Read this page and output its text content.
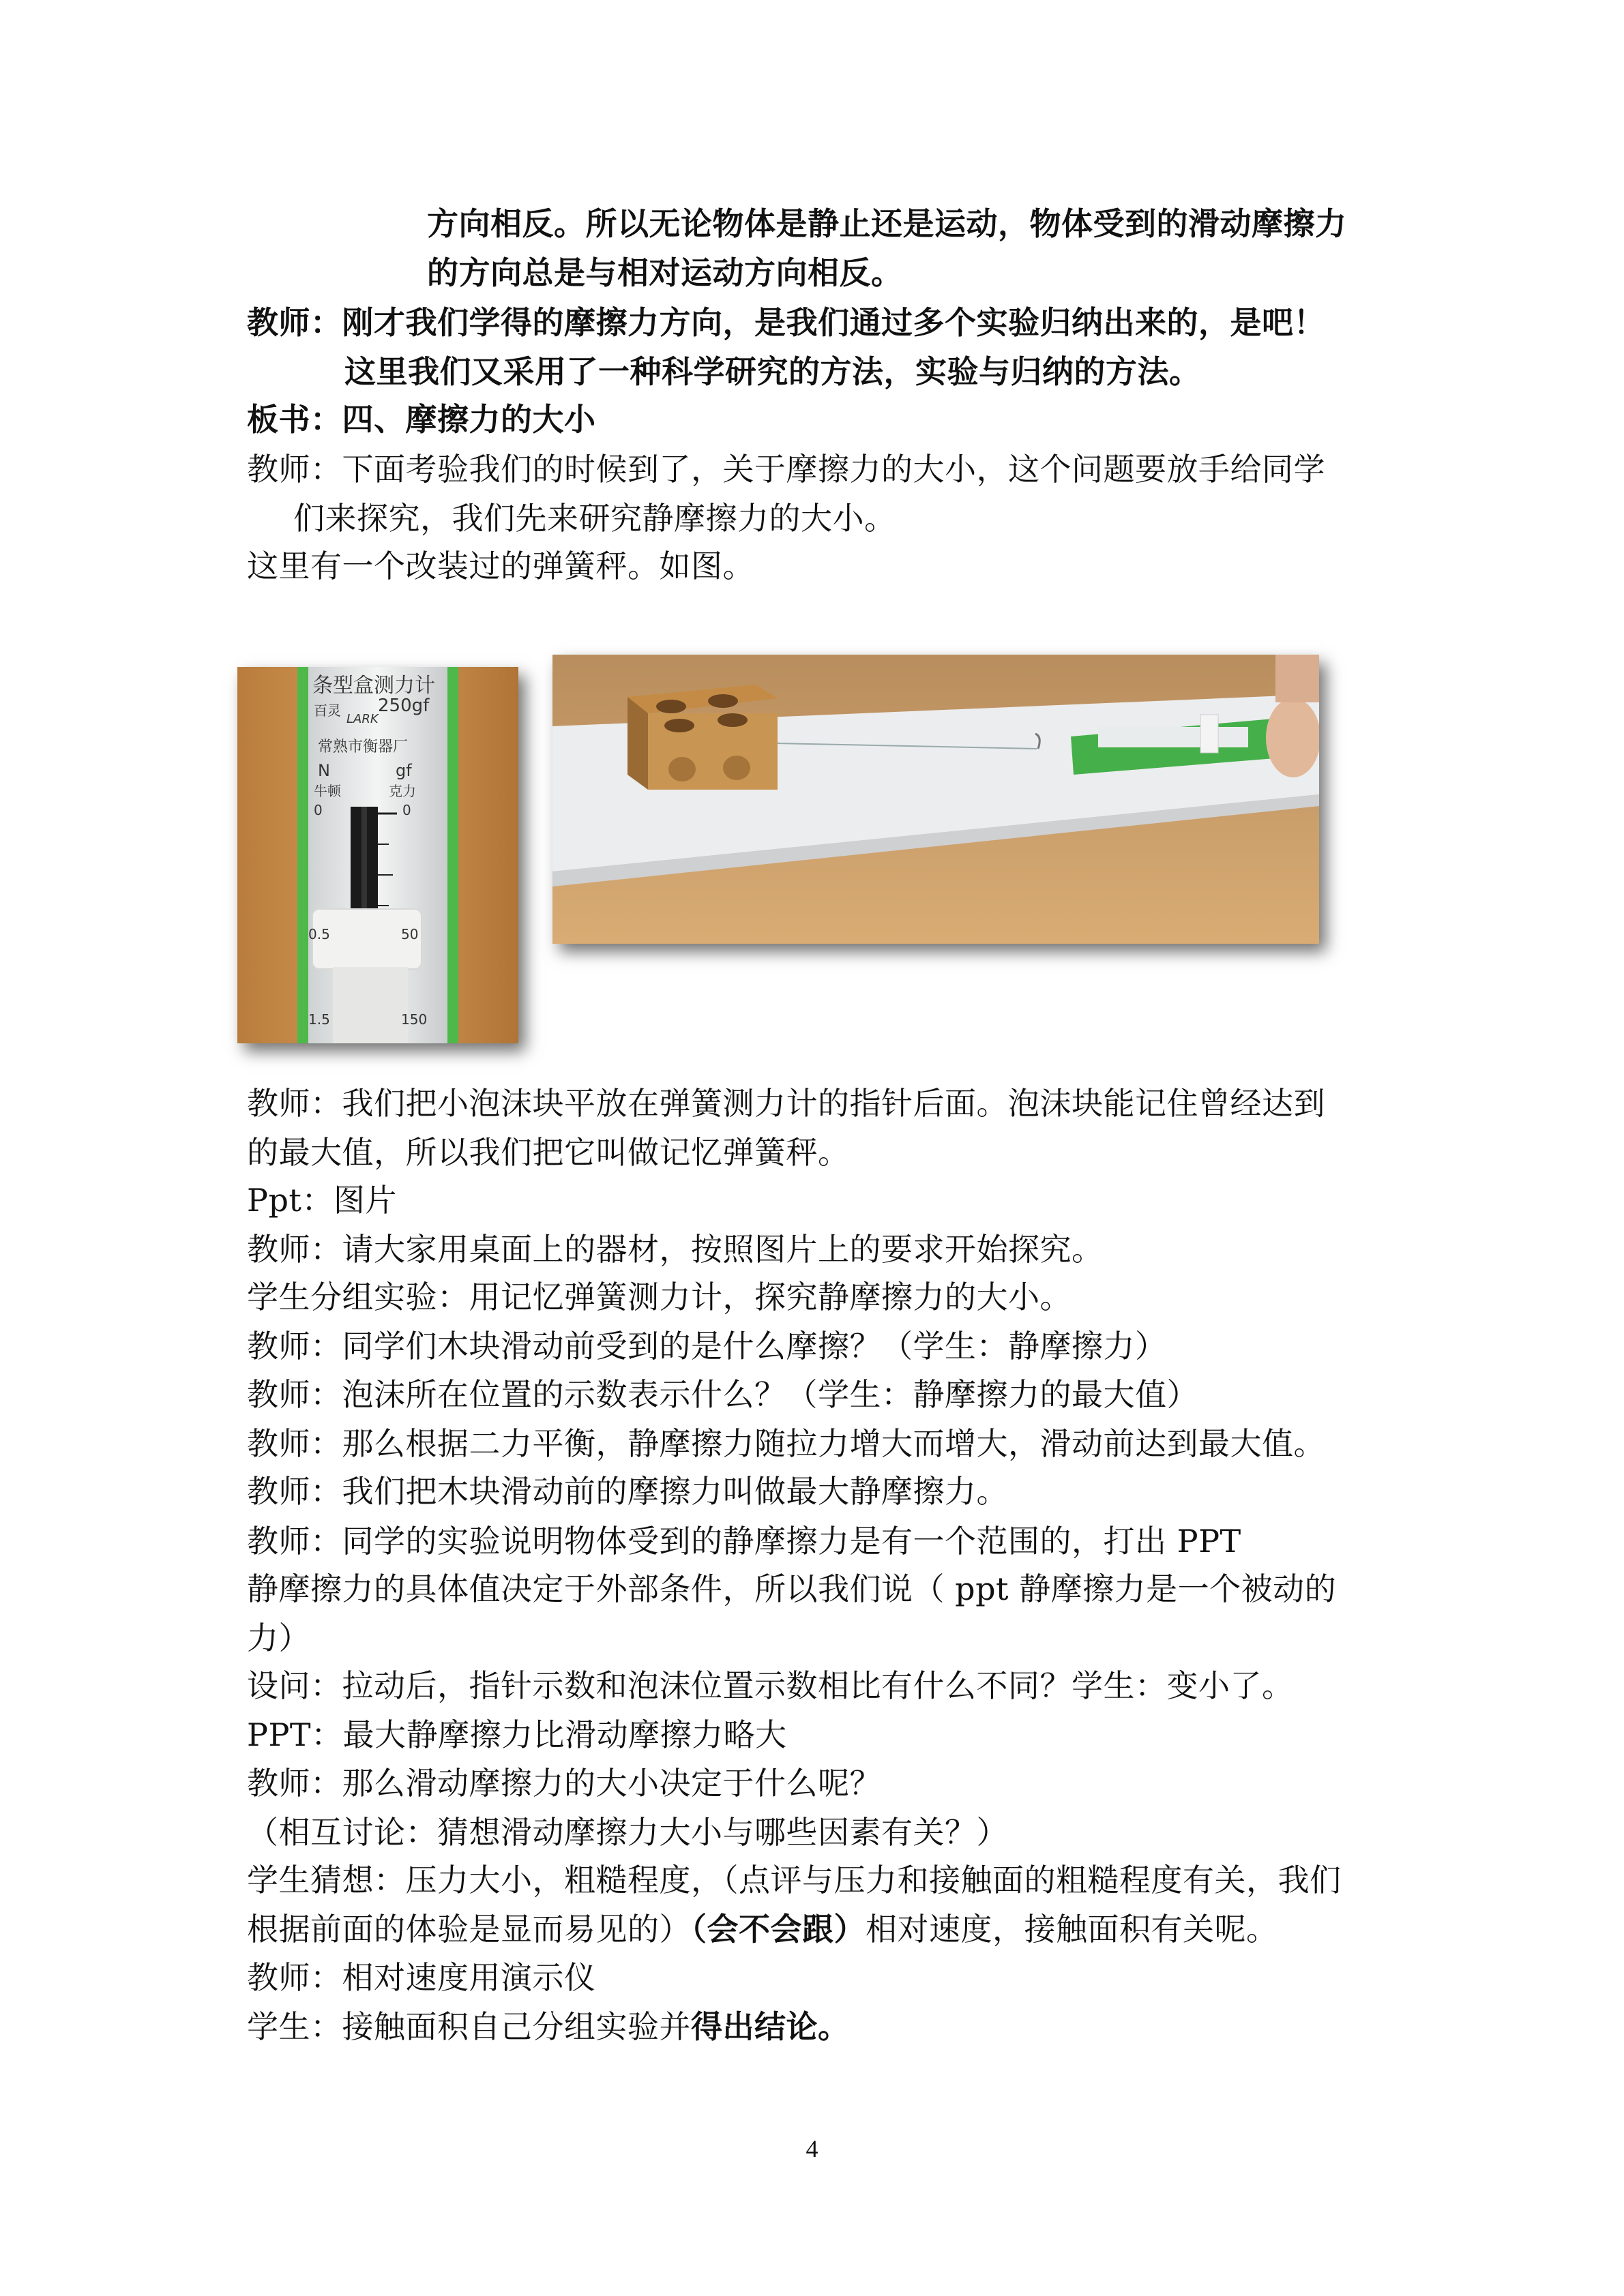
方向相反。所以无论物体是静止还是运动，物体受到的滑动摩擦力
的方向总是与相对运动方向相反。
教师：刚才我们学得的摩擦力方向，是我们通过多个实验归纳出来的，是吧！
这里我们又采用了一种科学研究的方法，实验与归纳的方法。
板书：四、摩擦力的大小
教师：下面考验我们的时候到了，关于摩擦力的大小，这个问题要放手给同学
们来探究，我们先来研究静摩擦力的大小。
这里有一个改装过的弹簧秤。如图。
条型盒测力计
百灵
LARK
250gf
常熟市衡器厂
N
牛顿
gf
克力
0
0.5
1.5
0
50
150
教师：我们把小泡沫块平放在弹簧测力计的指针后面。泡沫块能记住曾经达到
的最大值，所以我们把它叫做记忆弹簧秤。
Ppt：图片
教师：请大家用桌面上的器材，按照图片上的要求开始探究。
学生分组实验：用记忆弹簧测力计，探究静摩擦力的大小。
教师：同学们木块滑动前受到的是什么摩擦？（学生：静摩擦力）
教师：泡沫所在位置的示数表示什么？（学生：静摩擦力的最大值）
教师：那么根据二力平衡，静摩擦力随拉力增大而增大，滑动前达到最大值。
教师：我们把木块滑动前的摩擦力叫做最大静摩擦力。
教师：同学的实验说明物体受到的静摩擦力是有一个范围的，打出 PPT
静摩擦力的具体值决定于外部条件，所以我们说（ ppt 静摩擦力是一个被动的
力）
设问：拉动后，指针示数和泡沫位置示数相比有什么不同？学生：变小了。
PPT：最大静摩擦力比滑动摩擦力略大
教师：那么滑动摩擦力的大小决定于什么呢？
（相互讨论：猜想滑动摩擦力大小与哪些因素有关？）
学生猜想：压力大小，粗糙程度，（点评与压力和接触面的粗糙程度有关，我们
根据前面的体验是显而易见的）（会不会跟）相对速度，接触面积有关呢。
教师：相对速度用演示仪
学生：接触面积自己分组实验并得出结论。
4
